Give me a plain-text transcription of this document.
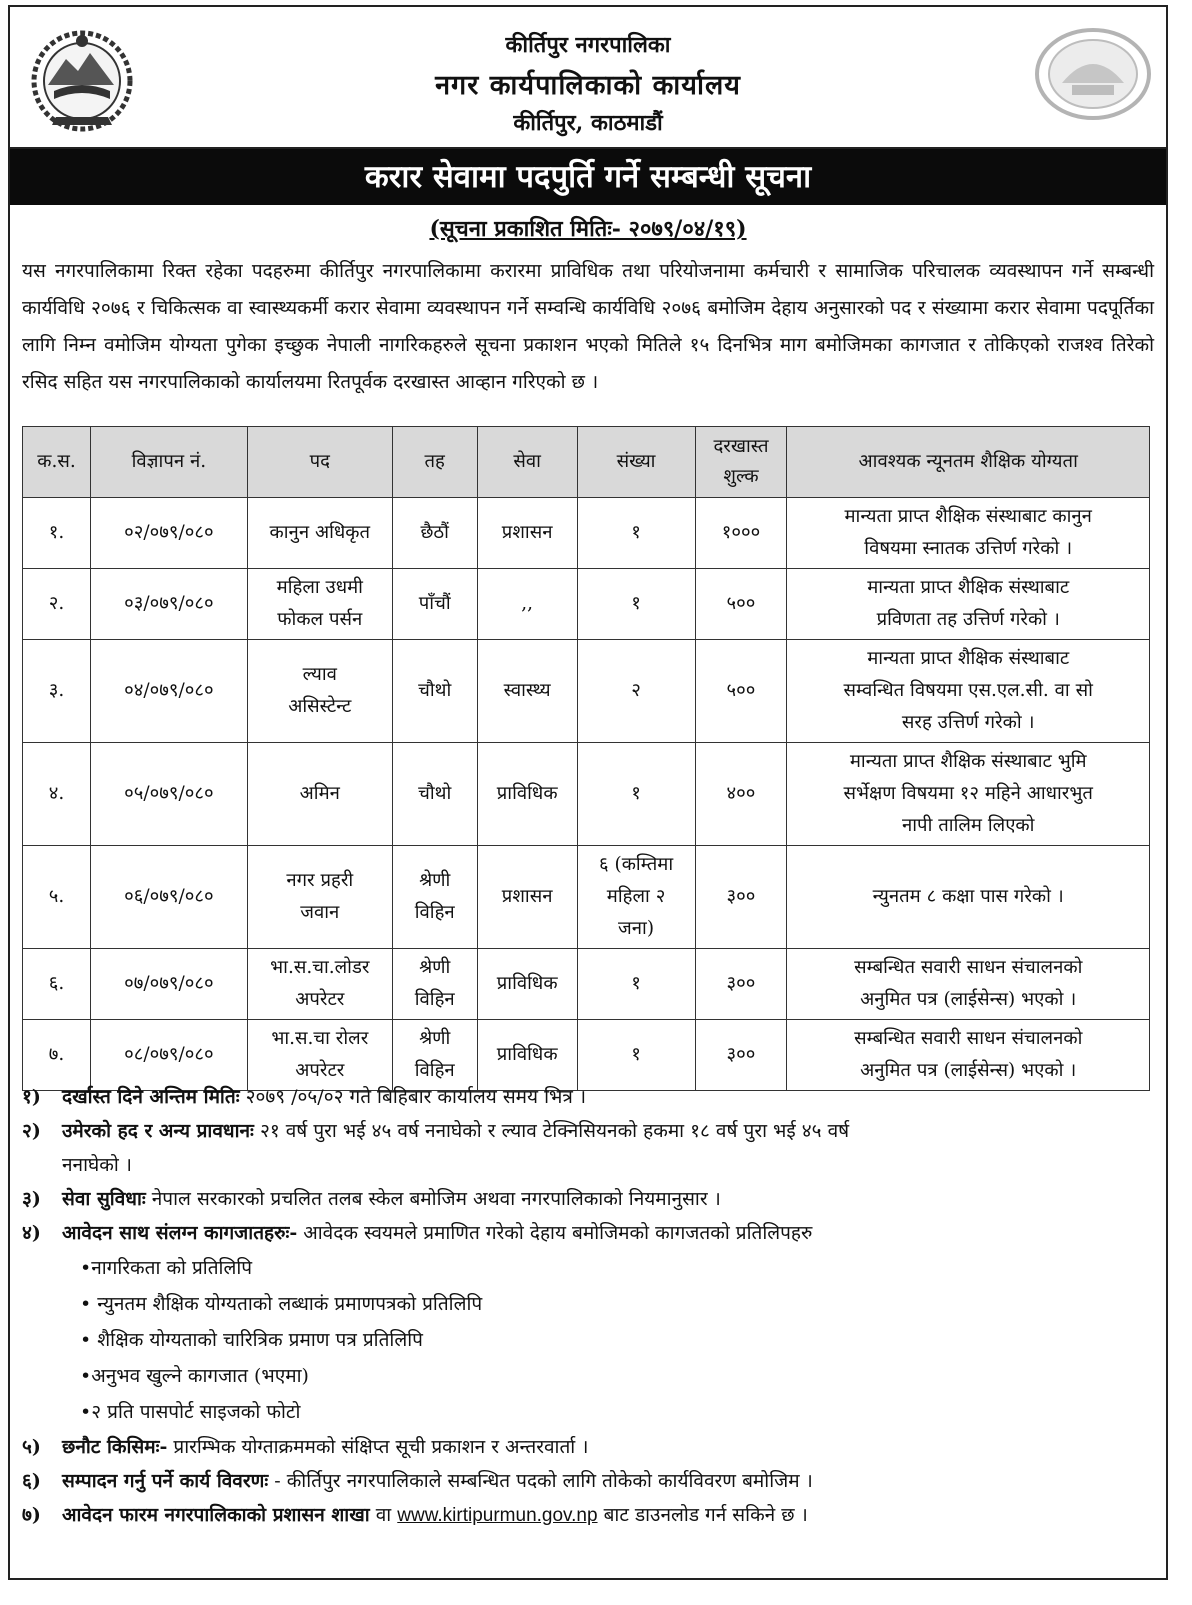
कीर्तिपुर नगरपालिका
नगर कार्यपालिकाको कार्यालय
कीर्तिपुर, काठमाडौं
करार सेवामा पदपुर्ति गर्ने सम्बन्धी सूचना
(सूचना प्रकाशित मितिः- २०७९/०४/१९)
यस नगरपालिकामा रिक्त रहेका पदहरुमा कीर्तिपुर नगरपालिकामा करारमा प्राविधिक तथा परियोजनामा कर्मचारी र सामाजिक परिचालक व्यवस्थापन गर्ने सम्बन्धी कार्यविधि २०७६ र चिकित्सक वा स्वास्थ्यकर्मी करार सेवामा व्यवस्थापन गर्ने सम्वन्धि कार्यविधि २०७६ बमोजिम देहाय अनुसारको पद र संख्यामा करार सेवामा पदपूर्तिका लागि निम्न वमोजिम योग्यता पुगेका इच्छुक नेपाली नागरिकहरुले सूचना प्रकाशन भएको मितिले १५ दिनभित्र माग बमोजिमका कागजात र तोकिएको राजश्व तिरेको रसिद सहित यस नगरपालिकाको कार्यालयमा रितपूर्वक दरखास्त आव्हान गरिएको छ ।
क.स.	विज्ञापन नं.	पद	तह	सेवा	संख्या	दरखास्त
शुल्क	आवश्यक न्यूनतम शैक्षिक योग्यता
१.	०२/०७९/०८०	कानुन अधिकृत	छैठौं	प्रशासन	१	१०००	मान्यता प्राप्त शैक्षिक संस्थाबाट कानुन
विषयमा स्नातक उत्तिर्ण गरेको ।
२.	०३/०७९/०८०	महिला उधमी
फोकल पर्सन	पाँचौं	,,	१	५००	मान्यता प्राप्त शैक्षिक संस्थाबाट
प्रविणता तह उत्तिर्ण गरेको ।
३.	०४/०७९/०८०	ल्याव
असिस्टेन्ट	चौथो	स्वास्थ्य	२	५००	मान्यता प्राप्त शैक्षिक संस्थाबाट
सम्वन्धित विषयमा एस.एल.सी. वा सो
सरह उत्तिर्ण गरेको ।
४.	०५/०७९/०८०	अमिन	चौथो	प्राविधिक	१	४००	मान्यता प्राप्त शैक्षिक संस्थाबाट भुमि
सर्भेक्षण विषयमा १२ महिने आधारभुत
नापी तालिम लिएको
५.	०६/०७९/०८०	नगर प्रहरी
जवान	श्रेणी
विहिन	प्रशासन	६ (कम्तिमा
महिला २
जना)	३००	न्युनतम ८ कक्षा पास गरेको ।
६.	०७/०७९/०८०	भा.स.चा.लोडर
अपरेटर	श्रेणी
विहिन	प्राविधिक	१	३००	सम्बन्धित सवारी साधन संचालनको
अनुमित पत्र (लाईसेन्स) भएको ।
७.	०८/०७९/०८०	भा.स.चा रोलर
अपरेटर	श्रेणी
विहिन	प्राविधिक	१	३००	सम्बन्धित सवारी साधन संचालनको
अनुमित पत्र (लाईसेन्स) भएको ।
१) दर्खास्त दिने अन्तिम मितिः २०७९ /०५/०२ गते बिहिबार कार्यालय समय भित्र ।
२) उमेरको हद र अन्य प्रावधानः २१ वर्ष पुरा भई ४५ वर्ष ननाघेको र ल्याव टेक्निसियनको हकमा १८ वर्ष पुरा भई ४५ वर्ष
ननाघेको ।
३) सेवा सुविधाः नेपाल सरकारको प्रचलित तलब स्केल बमोजिम अथवा नगरपालिकाको नियमानुसार ।
४) आवेदन साथ संलग्न कागजातहरुः- आवेदक स्वयमले प्रमाणित गरेको देहाय बमोजिमको कागजतको प्रतिलिपहरु
•नागरिकता को प्रतिलिपि
• न्युनतम शैक्षिक योग्यताको लब्धाकं प्रमाणपत्रको प्रतिलिपि
• शैक्षिक योग्यताको चारित्रिक प्रमाण पत्र प्रतिलिपि
•अनुभव खुल्ने कागजात (भएमा)
•२ प्रति पासपोर्ट साइजको फोटो
५) छनौट किसिमः- प्रारम्भिक योग्ताक्रममको संक्षिप्त सूची प्रकाशन र अन्तरवार्ता ।
६) सम्पादन गर्नु पर्ने कार्य विवरणः - कीर्तिपुर नगरपालिकाले सम्बन्धित पदको लागि तोकेको कार्यविवरण बमोजिम ।
७) आवेदन फारम नगरपालिकाको प्रशासन शाखा वा www.kirtipurmun.gov.np बाट डाउनलोड गर्न सकिने छ ।
